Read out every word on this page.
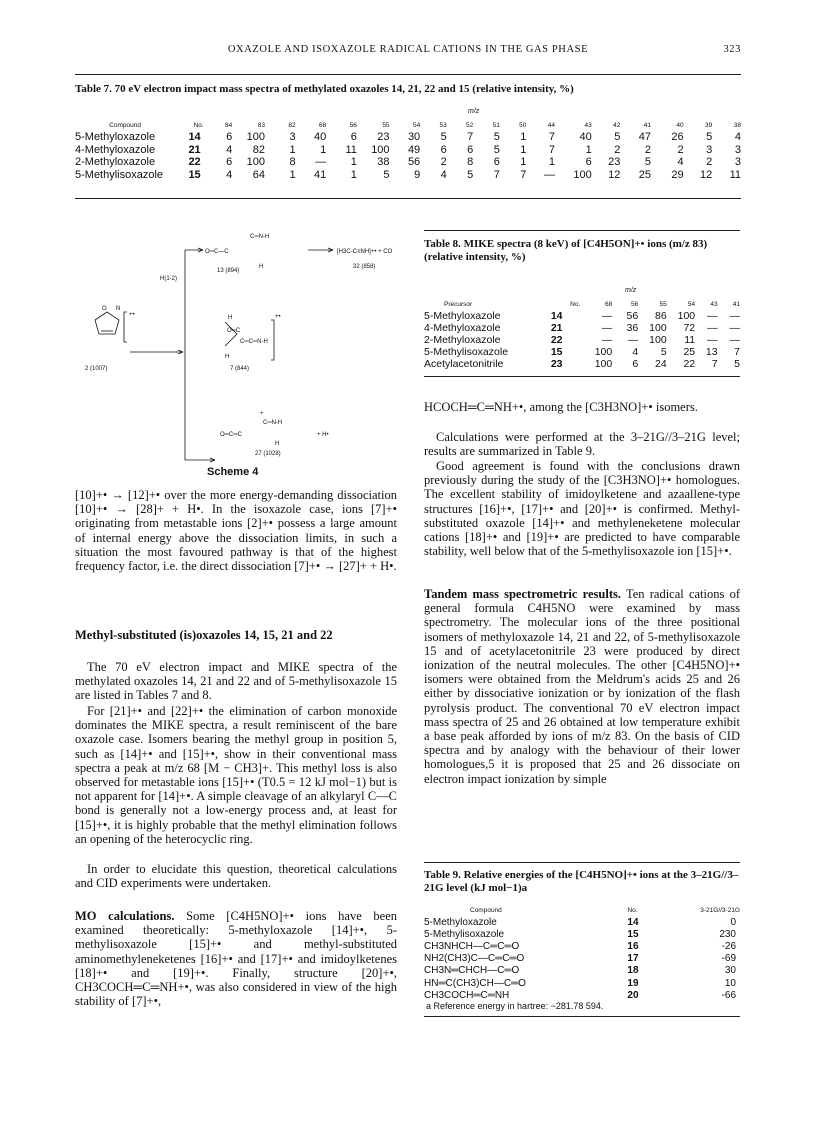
OXAZOLE AND ISOXAZOLE RADICAL CATIONS IN THE GAS PHASE	323
Table 7. 70 eV electron impact mass spectra of methylated oxazoles 14, 21, 22 and 15 (relative intensity, %)
m/z
Compound	No.	84	83	82	68	56	55	54	53	52	51	50	44	43	42	41	40	39	38
5-Methyloxazole	14	6	100	3	40	6	23	30	5	7	5	1	7	40	5	47	26	5	4
4-Methyloxazole	21	4	82	1	1	11	100	49	6	6	5	1	7	1	2	2	2	3	3
2-Methyloxazole	22	6	100	8	—	1	38	56	2	8	6	1	1	6	23	5	4	2	3
5-Methylisoxazole	15	4	64	1	41	1	5	9	4	5	7	7	—	100	12	25	29	12	11
O═C—C
C═N-H
H
13 (894)
[H3C-C≡NH]+• + CO
32 (858)
H(1-2)
O N
+•
2 (1007)
O═C
H
C═C═N-H
H
+•
7 (844)
+
C═N-H
O═C═C
H
+ H•
27 (1028)
Scheme 4
[10]+• → [12]+• over the more energy-demanding dissociation [10]+• → [28]+ + H•. In the isoxazole case, ions [7]+• originating from metastable ions [2]+• possess a large amount of internal energy above the dissociation limits, in such a situation the most favoured pathway is that of the highest frequency factor, i.e. the direct dissociation [7]+• → [27]+ + H•.
Methyl-substituted (is)oxazoles 14, 15, 21 and 22
The 70 eV electron impact and MIKE spectra of the methylated oxazoles 14, 21 and 22 and of 5-methylisoxazole 15 are listed in Tables 7 and 8.
For [21]+• and [22]+• the elimination of carbon monoxide dominates the MIKE spectra, a result reminiscent of the bare oxazole case. Isomers bearing the methyl group in position 5, such as [14]+• and [15]+•, show in their conventional mass spectra a peak at m/z 68 [M − CH3]+. This methyl loss is also observed for metastable ions [15]+• (T0.5 = 12 kJ mol−1) but is not apparent for [14]+•. A simple cleavage of an alkylaryl C—C bond is generally not a low-energy process and, at least for [15]+•, it is highly probable that the methyl elimination follows an opening of the heterocyclic ring.
In order to elucidate this question, theoretical calculations and CID experiments were undertaken.
MO calculations. Some [C4H5NO]+• ions have been examined theoretically: 5-methyloxazole [14]+•, 5-methylisoxazole [15]+• and methyl-substituted aminomethyleneketenes [16]+• and [17]+• and imidoylketenes [18]+• and [19]+•. Finally, structure [20]+•, CH3COCH═C═NH+•, was also considered in view of the high stability of [7]+•,
Table 8. MIKE spectra (8 keV) of [C4H5ON]+• ions (m/z 83) (relative intensity, %)
m/z
Precursor	No.	68	56	55	54	43	41
5-Methyloxazole	14	—	56	86	100	—	—
4-Methyloxazole	21	—	36	100	72	—	—
2-Methyloxazole	22	—	—	100	11	—	—
5-Methylisoxazole	15	100	4	5	25	13	7
Acetylacetonitrile	23	100	6	24	22	7	5
HCOCH═C═NH+•, among the [C3H3NO]+• isomers.
Calculations were performed at the 3–21G//3–21G level; results are summarized in Table 9.
Good agreement is found with the conclusions drawn previously during the study of the [C3H3NO]+• homologues. The excellent stability of imidoylketene and azaallene-type structures [16]+•, [17]+• and [20]+• is confirmed. Methyl-substituted oxazole [14]+• and methyleneketene molecular cations [18]+• and [19]+• are predicted to have comparable stability, well below that of the 5-methylisoxazole ion [15]+•.
Tandem mass spectrometric results. Ten radical cations of general formula C4H5NO were examined by mass spectrometry. The molecular ions of the three positional isomers of methyloxazole 14, 21 and 22, of 5-methylisoxazole 15 and of acetylacetonitrile 23 were produced by direct ionization of the neutral molecules. The other [C4H5NO]+• isomers were obtained from the Meldrum's acids 25 and 26 either by dissociative ionization or by ionization of the flash pyrolysis product. The conventional 70 eV electron impact mass spectra of 25 and 26 obtained at low temperature exhibit a base peak afforded by ions of m/z 83. On the basis of CID spectra and by analogy with the behaviour of their lower homologues,5 it is proposed that 25 and 26 dissociate on electron impact ionization by simple
Table 9. Relative energies of the [C4H5NO]+• ions at the 3–21G//3–21G level (kJ mol−1)a
Compound	No.	3-21G//3-21G
5-Methyloxazole	14	0
5-Methylisoxazole	15	230
CH3NHCH—C═C═O	16	-26
NH2(CH3)C—C═C═O	17	-69
CH3N═CHCH—C═O	18	30
HN═C(CH3)CH—C═O	19	10
CH3COCH═C═NH	20	-66
a Reference energy in hartree: −281.78 594.
